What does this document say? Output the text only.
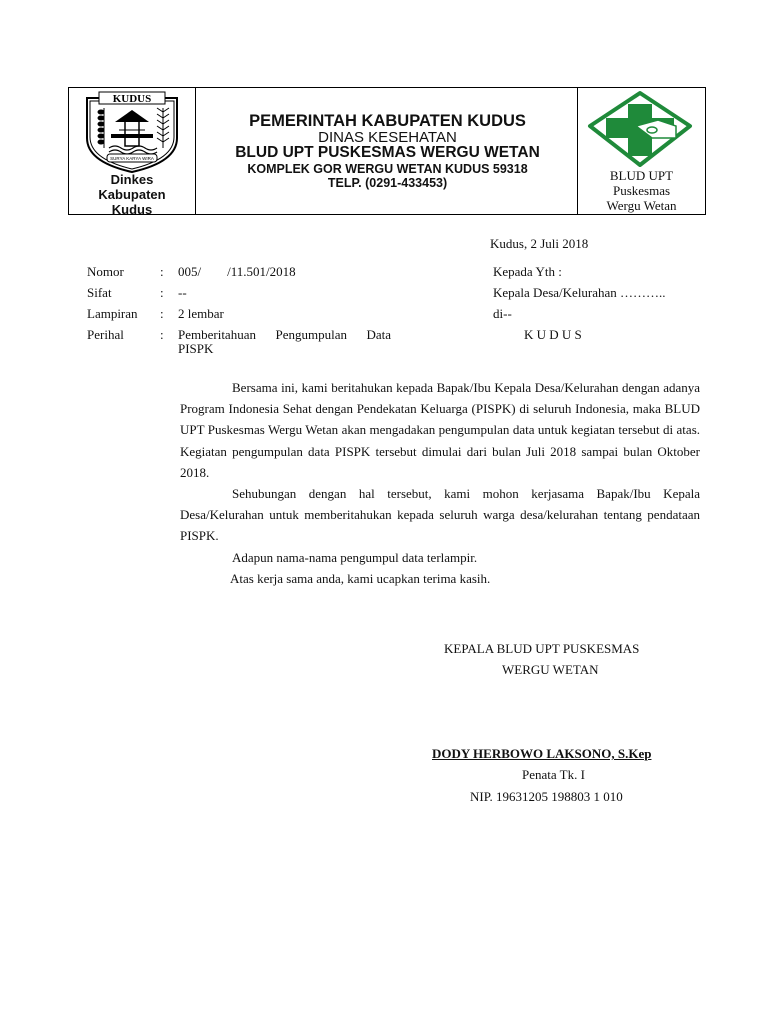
KUDUS
SURYA KARYA WIRA
Dinkes
Kabupaten
Kudus
PEMERINTAH KABUPATEN KUDUS
DINAS KESEHATAN
BLUD UPT PUSKESMAS WERGU WETAN
KOMPLEK GOR WERGU WETAN KUDUS 59318
TELP. (0291-433453)	BLUD UPT
Puskesmas
Wergu Wetan
Kudus, 2 Juli 2018
Nomor	: 005/        /11.501/2018
Sifat	: --
Lampiran : 2 lembar
Perihal	: Pemberitahuan      Pengumpulan      Data
PISPK
Kepada Yth :
Kepala Desa/Kelurahan ………..
di--
K U D U S

Bersama ini, kami beritahukan kepada Bapak/Ibu Kepala Desa/Kelurahan dengan adanya Program Indonesia Sehat dengan Pendekatan Keluarga (PISPK) di seluruh Indonesia, maka BLUD UPT Puskesmas Wergu Wetan akan mengadakan pengumpulan data untuk kegiatan tersebut di atas. Kegiatan pengumpulan data PISPK tersebut dimulai dari bulan Juli 2018 sampai bulan Oktober 2018.

Sehubungan dengan hal tersebut, kami mohon kerjasama Bapak/Ibu Kepala Desa/Kelurahan untuk memberitahukan kepada seluruh warga desa/kelurahan tentang pendataan PISPK.

Adapun nama-nama pengumpul data terlampir.

Atas kerja sama anda, kami ucapkan terima kasih.

KEPALA BLUD UPT PUSKESMAS
WERGU WETAN
DODY HERBOWO LAKSONO, S.Kep
Penata Tk. I
NIP. 19631205 198803 1 010
